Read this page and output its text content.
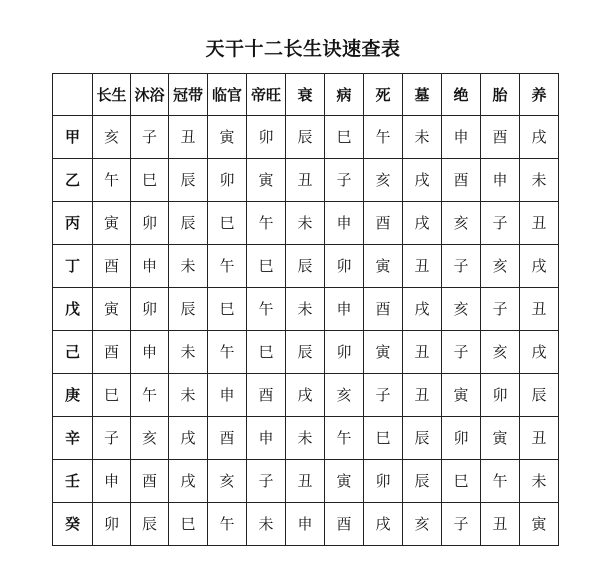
天干十二长生诀速查表
	长生	沐浴	冠带	临官	帝旺	衰	病	死	墓	绝	胎	养
甲	亥	子	丑	寅	卯	辰	巳	午	未	申	酉	戌
乙	午	巳	辰	卯	寅	丑	子	亥	戌	酉	申	未
丙	寅	卯	辰	巳	午	未	申	酉	戌	亥	子	丑
丁	酉	申	未	午	巳	辰	卯	寅	丑	子	亥	戌
戊	寅	卯	辰	巳	午	未	申	酉	戌	亥	子	丑
己	酉	申	未	午	巳	辰	卯	寅	丑	子	亥	戌
庚	巳	午	未	申	酉	戌	亥	子	丑	寅	卯	辰
辛	子	亥	戌	酉	申	未	午	巳	辰	卯	寅	丑
壬	申	酉	戌	亥	子	丑	寅	卯	辰	巳	午	未
癸	卯	辰	巳	午	未	申	酉	戌	亥	子	丑	寅
